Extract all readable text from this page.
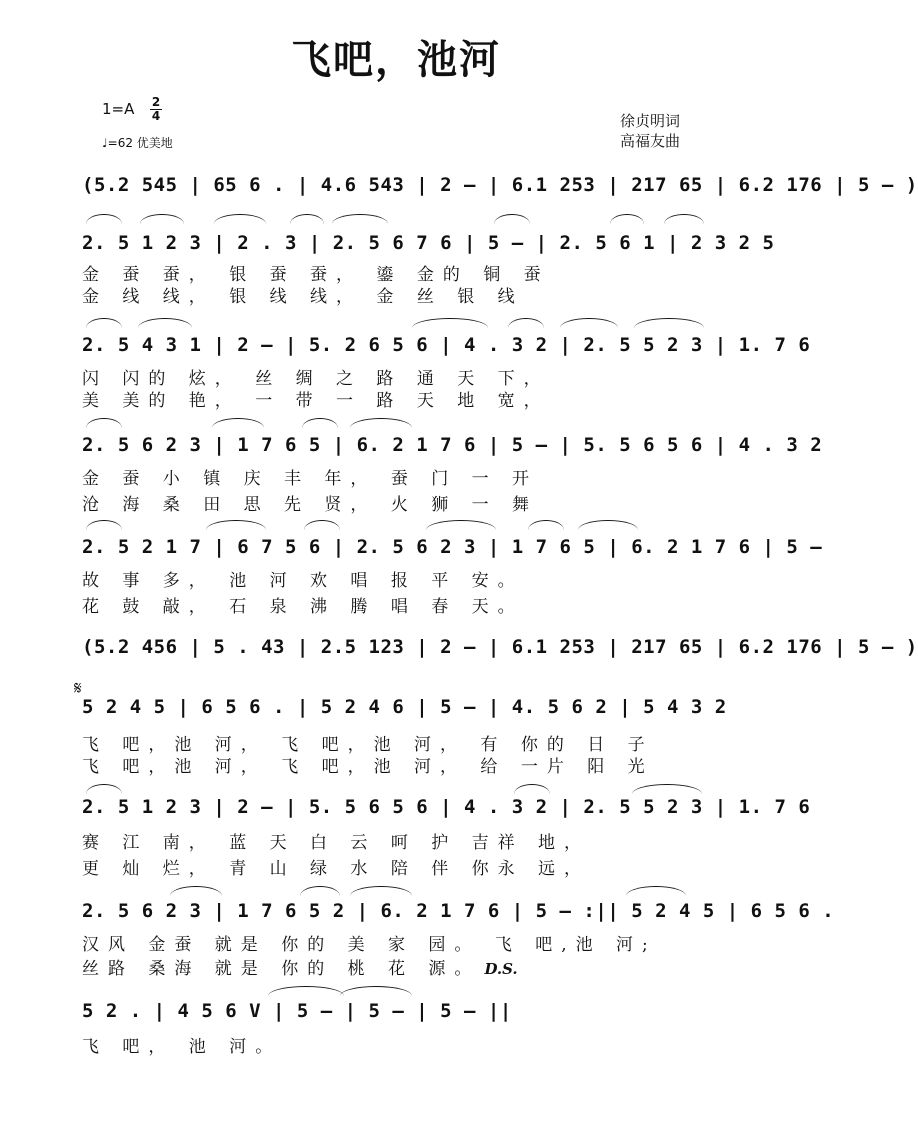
飞吧，池河
$1=A \frac{2}{4}$
♩=62 优美地
徐贞明词
高福友曲
(5.2 545 | 65 6 . | 4.6 543 | 2 – | 6.1 253 | 217 65 | 6.2 176 | 5 – )
2. 5 1 2 3 | 2 . 3 | 2. 5 6 7 6 | 5 – | 2. 5 6 1 | 2 3 2 5
金 蚕 蚕， 银 蚕 蚕， 鎏 金的 铜 蚕
金 线 线， 银 线 线， 金 丝 银 线
2. 5 4 3 1 | 2 – | 5. 2 6 5 6 | 4 . 3 2 | 2. 5 5 2 3 | 1. 7 6
闪 闪的 炫， 丝 绸 之 路 通 天 下，
美 美的 艳， 一 带 一 路 天 地 宽，
2. 5 6 2 3 | 1 7 6 5 | 6. 2 1 7 6 | 5 – | 5. 5 6 5 6 | 4 . 3 2
金 蚕 小 镇 庆 丰 年， 蚕 门 一 开
沧 海 桑 田 思 先 贤， 火 狮 一 舞
2. 5 2 1 7 | 6 7 5 6 | 2. 5 6 2 3 | 1 7 6 5 | 6. 2 1 7 6 | 5 –
故 事 多， 池 河 欢 唱 报 平 安。
花 鼓 敲， 石 泉 沸 腾 唱 春 天。
(5.2 456 | 5 . 43 | 2.5 123 | 2 – | 6.1 253 | 217 65 | 6.2 176 | 5 – )
𝄋
5 2 4 5 | 6 5 6 . | 5 2 4 6 | 5 – | 4. 5 6 2 | 5 4 3 2
飞 吧，池 河， 飞 吧，池 河， 有 你的 日 子
飞 吧，池 河， 飞 吧，池 河， 给 一片 阳 光
2. 5 1 2 3 | 2 – | 5. 5 6 5 6 | 4 . 3 2 | 2. 5 5 2 3 | 1. 7 6
赛 江 南， 蓝 天 白 云 呵 护 吉祥 地，
更 灿 烂， 青 山 绿 水 陪 伴 你永 远，
2. 5 6 2 3 | 1 7 6 5 2 | 6. 2 1 7 6 | 5 – :|| 5 2 4 5 | 6 5 6 .
汉风 金蚕 就是 你的 美 家 园。 飞 吧,池 河;
丝路 桑海 就是 你的 桃 花 源。 D.S.
5 2 . | 4 5 6 V | 5 – | 5 – | 5 – ||
飞 吧， 池 河。
